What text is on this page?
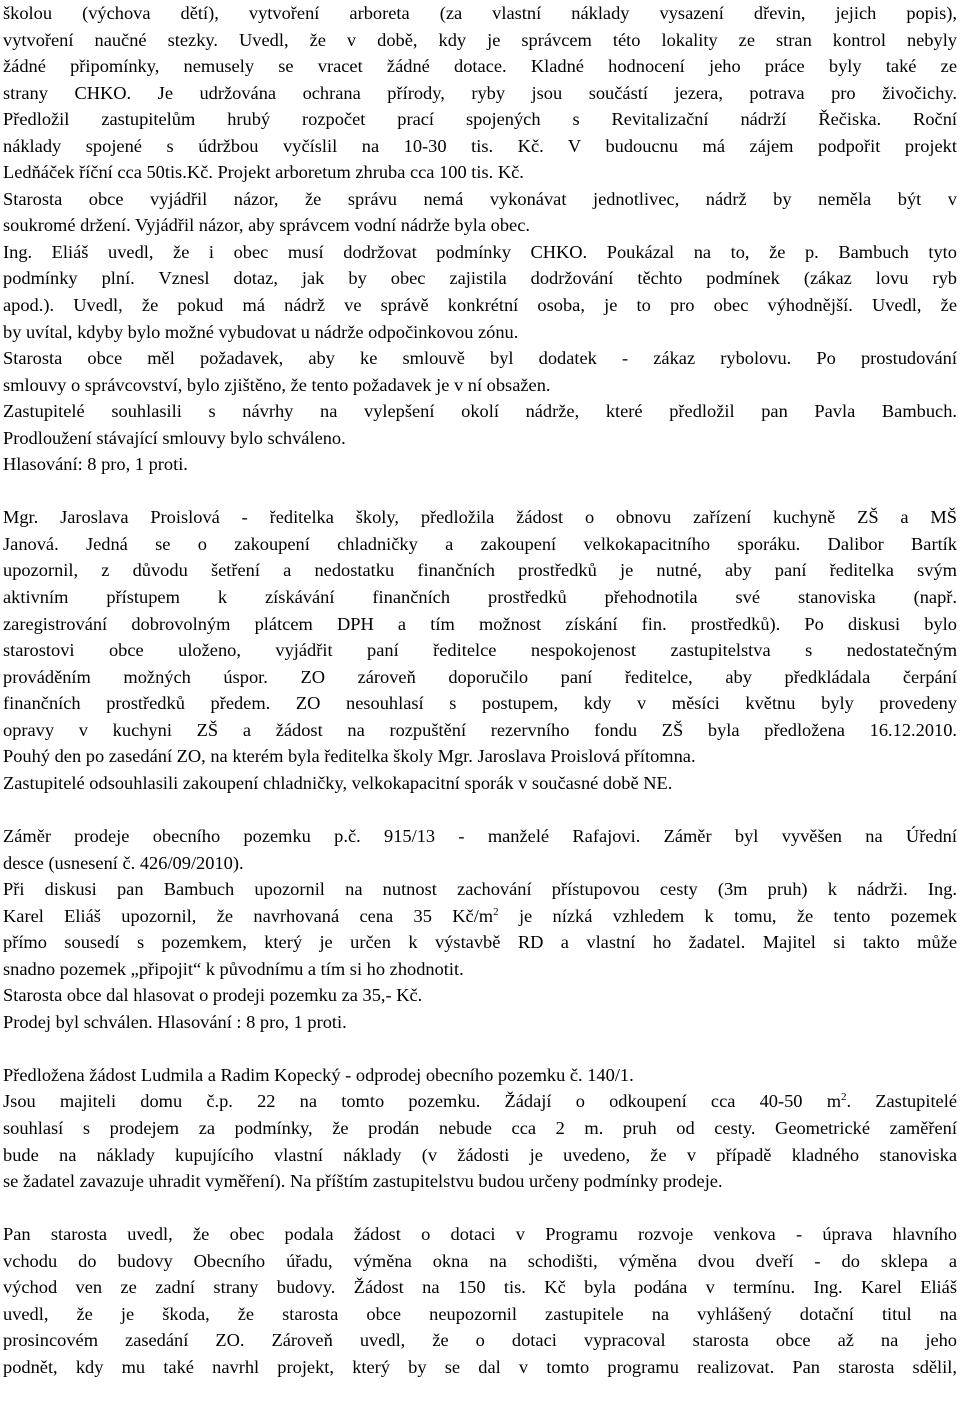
školou (výchova dětí), vytvoření arboreta (za vlastní náklady vysazení dřevin, jejich popis),
vytvoření naučné stezky. Uvedl, že v době, kdy je správcem této lokality ze stran kontrol nebyly
žádné připomínky, nemusely se vracet žádné dotace. Kladné hodnocení jeho práce byly také ze
strany CHKO. Je udržována ochrana přírody, ryby jsou součástí jezera, potrava pro živočichy.
Předložil zastupitelům hrubý rozpočet prací spojených s Revitalizační nádrží Řečiska. Roční
náklady spojené s údržbou vyčíslil na 10-30 tis. Kč. V budoucnu má zájem podpořit projekt
Ledňáček říční cca 50tis.Kč. Projekt arboretum zhruba cca 100 tis. Kč.
Starosta obce vyjádřil názor, že správu nemá vykonávat jednotlivec, nádrž by neměla být v
soukromé držení. Vyjádřil názor, aby správcem vodní nádrže byla obec.
Ing. Eliáš uvedl, že i obec musí dodržovat podmínky CHKO. Poukázal na to, že p. Bambuch tyto
podmínky plní. Vznesl dotaz, jak by obec zajistila dodržování těchto podmínek (zákaz lovu ryb
apod.). Uvedl, že pokud má nádrž ve správě konkrétní osoba, je to pro obec výhodnější. Uvedl, že
by uvítal, kdyby bylo možné vybudovat u nádrže odpočinkovou zónu.
Starosta obce měl požadavek, aby ke smlouvě byl dodatek - zákaz rybolovu. Po prostudování
smlouvy o správcovství, bylo zjištěno, že tento požadavek je v ní obsažen.
Zastupitelé souhlasili s návrhy na vylepšení okolí nádrže, které předložil pan Pavla Bambuch.
Prodloužení stávající smlouvy bylo schváleno.
Hlasování: 8 pro, 1 proti.
Mgr. Jaroslava Proislová - ředitelka školy, předložila žádost o obnovu zařízení kuchyně ZŠ a MŠ
Janová. Jedná se o zakoupení chladničky a zakoupení velkokapacitního sporáku. Dalibor Bartík
upozornil, z důvodu šetření a nedostatku finančních prostředků je nutné, aby paní ředitelka svým
aktivním přístupem k získávání finančních prostředků přehodnotila své stanoviska (např.
zaregistrování dobrovolným plátcem DPH a tím možnost získání fin. prostředků). Po diskusi bylo
starostovi obce uloženo, vyjádřit paní ředitelce nespokojenost zastupitelstva s nedostatečným
prováděním možných úspor. ZO zároveň doporučilo paní ředitelce, aby předkládala čerpání
finančních prostředků předem. ZO nesouhlasí s postupem, kdy v měsíci květnu byly provedeny
opravy v kuchyni ZŠ a žádost na rozpuštění rezervního fondu ZŠ byla předložena 16.12.2010.
Pouhý den po zasedání ZO, na kterém byla ředitelka školy Mgr. Jaroslava Proislová přítomna.
Zastupitelé odsouhlasili zakoupení chladničky, velkokapacitní sporák v současné době NE.
Záměr prodeje obecního pozemku p.č. 915/13 - manželé Rafajovi. Záměr byl vyvěšen na Úřední
desce (usnesení č. 426/09/2010).
Při diskusi pan Bambuch upozornil na nutnost zachování přístupovou cesty (3m pruh) k nádrži. Ing.
Karel Eliáš upozornil, že navrhovaná cena 35 $Kč/m^2$ je nízká vzhledem k tomu, že tento pozemek
přímo sousedí s pozemkem, který je určen k výstavbě RD a vlastní ho žadatel. Majitel si takto může
snadno pozemek „připojit“ k původnímu a tím si ho zhodnotit.
Starosta obce dal hlasovat o prodeji pozemku za 35,- Kč.
Prodej byl schválen. Hlasování : 8 pro, 1 proti.
Předložena žádost Ludmila a Radim Kopecký - odprodej obecního pozemku č. 140/1.
Jsou majiteli domu č.p. 22 na tomto pozemku. Žádají o odkoupení cca 40-50 $m^2$. Zastupitelé
souhlasí s prodejem za podmínky, že prodán nebude cca 2 m. pruh od cesty. Geometrické zaměření
bude na náklady kupujícího vlastní náklady (v žádosti je uvedeno, že v případě kladného stanoviska
se žadatel zavazuje uhradit vyměření). Na příštím zastupitelstvu budou určeny podmínky prodeje.
Pan starosta uvedl, že obec podala žádost o dotaci v Programu rozvoje venkova - úprava hlavního
vchodu do budovy Obecního úřadu, výměna okna na schodišti, výměna dvou dveří - do sklepa a
východ ven ze zadní strany budovy. Žádost na 150 tis. Kč byla podána v termínu. Ing. Karel Eliáš
uvedl, že je škoda, že starosta obce neupozornil zastupitele na vyhlášený dotační titul na
prosincovém zasedání ZO. Zároveň uvedl, že o dotaci vypracoval starosta obce až na jeho
podnět, kdy mu také navrhl projekt, který by se dal v tomto programu realizovat. Pan starosta sdělil,
